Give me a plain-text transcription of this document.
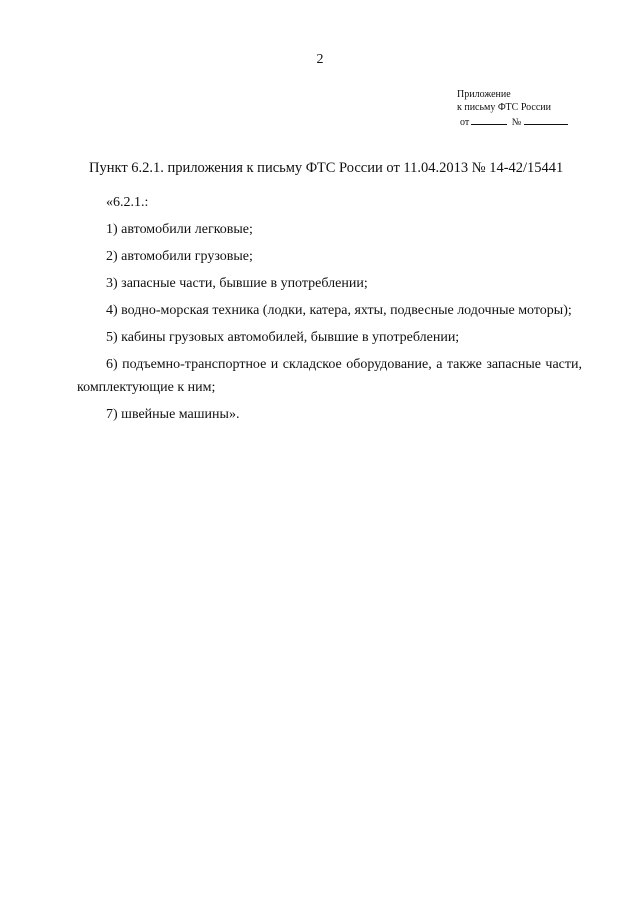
2
Приложение
к письму ФТС России
от	№
Пункт 6.2.1. приложения к письму ФТС России от 11.04.2013 № 14-42/15441

«6.2.1.:

1) автомобили легковые;

2) автомобили грузовые;

3) запасные части, бывшие в употреблении;

4) водно-морская техника (лодки, катера, яхты, подвесные лодочные моторы);

5) кабины грузовых автомобилей, бывшие в употреблении;

6) подъемно-транспортное и складское оборудование, а также запасные части, комплектующие к ним;

7) швейные машины».
